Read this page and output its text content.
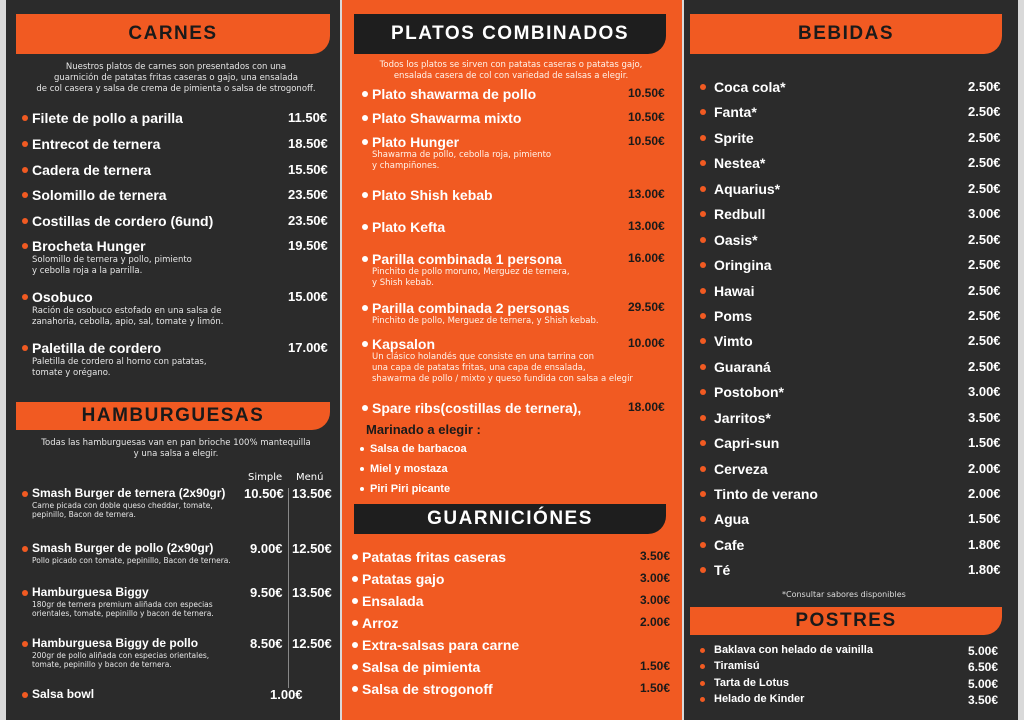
CARNES
Nuestros platos de carnes son presentados con una
guarnición de patatas fritas caseras o gajo, una ensalada
de col casera y salsa de crema de pimienta o salsa de strogonoff.
Filete de pollo a parilla	11.50€
Entrecot de ternera	18.50€
Cadera de ternera	15.50€
Solomillo de ternera	23.50€
Costillas de cordero (6und)	23.50€
Brocheta Hunger	19.50€
Solomillo de ternera y pollo, pimiento
y cebolla roja a la parrilla.
Osobuco	15.00€
Ración de osobuco estofado en una salsa de
zanahoria, cebolla, apio, sal, tomate y limón.
Paletilla de cordero	17.00€
Paletilla de cordero al horno con patatas,
tomate y orégano.
HAMBURGUESAS
Todas las hamburguesas van en pan brioche 100% mantequilla
y una salsa a elegir.
Simple Menú
Smash Burger de ternera (2x90gr) 10.50€ 13.50€
Carne picada con doble queso cheddar, tomate,
pepinillo, Bacon de ternera.
Smash Burger de pollo (2x90gr)	9.00€ 12.50€
Pollo picado con tomate, pepinillo, Bacon de ternera.
Hamburguesa Biggy	9.50€ 13.50€
180gr de ternera premium aliñada con especias
orientales, tomate, pepinillo y bacon de ternera.
Hamburguesa Biggy de pollo	8.50€ 12.50€
200gr de pollo aliñada con especias orientales,
tomate, pepinillo y bacon de ternera.
Salsa bowl	1.00€
PLATOS COMBINADOS
Todos los platos se sirven con patatas caseras o patatas gajo,
ensalada casera de col con variedad de salsas a elegir.
Plato shawarma de pollo	10.50€
Plato Shawarma mixto	10.50€
Plato Hunger	10.50€
Shawarma de pollo, cebolla roja, pimiento
y champiñones.
Plato Shish kebab	13.00€
Plato Kefta	13.00€
Parilla combinada 1 persona	16.00€
Pinchito de pollo moruno, Merguez de ternera,
y Shish kebab.
Parilla combinada 2 personas	29.50€
Pinchito de pollo, Merguez de ternera, y Shish kebab.
Kapsalon	10.00€
Un clásico holandés que consiste en una tarrina con
una capa de patatas fritas, una capa de ensalada,
shawarma de pollo / mixto y queso fundida con salsa a elegir
Spare ribs(costillas de ternera),	18.00€
Marinado a elegir :
Salsa de barbacoa
Miel y mostaza
Piri Piri picante
GUARNICIÓNES
Patatas fritas caseras	3.50€
Patatas gajo	3.00€
Ensalada	3.00€
Arroz	2.00€
Extra-salsas para carne
Salsa de pimienta	1.50€
Salsa de strogonoff	1.50€
BEBIDAS
Coca cola*	2.50€
Fanta*	2.50€
Sprite	2.50€
Nestea*	2.50€
Aquarius*	2.50€
Redbull	3.00€
Oasis*	2.50€
Oringina	2.50€
Hawai	2.50€
Poms	2.50€
Vimto	2.50€
Guaraná	2.50€
Postobon*	3.00€
Jarritos*	3.50€
Capri-sun	1.50€
Cerveza	2.00€
Tinto de verano	2.00€
Agua	1.50€
Cafe	1.80€
Té	1.80€
*Consultar sabores disponibles
POSTRES
Baklava con helado de vainilla	5.00€
Tiramisú	6.50€
Tarta de Lotus	5.00€
Helado de Kinder	3.50€
